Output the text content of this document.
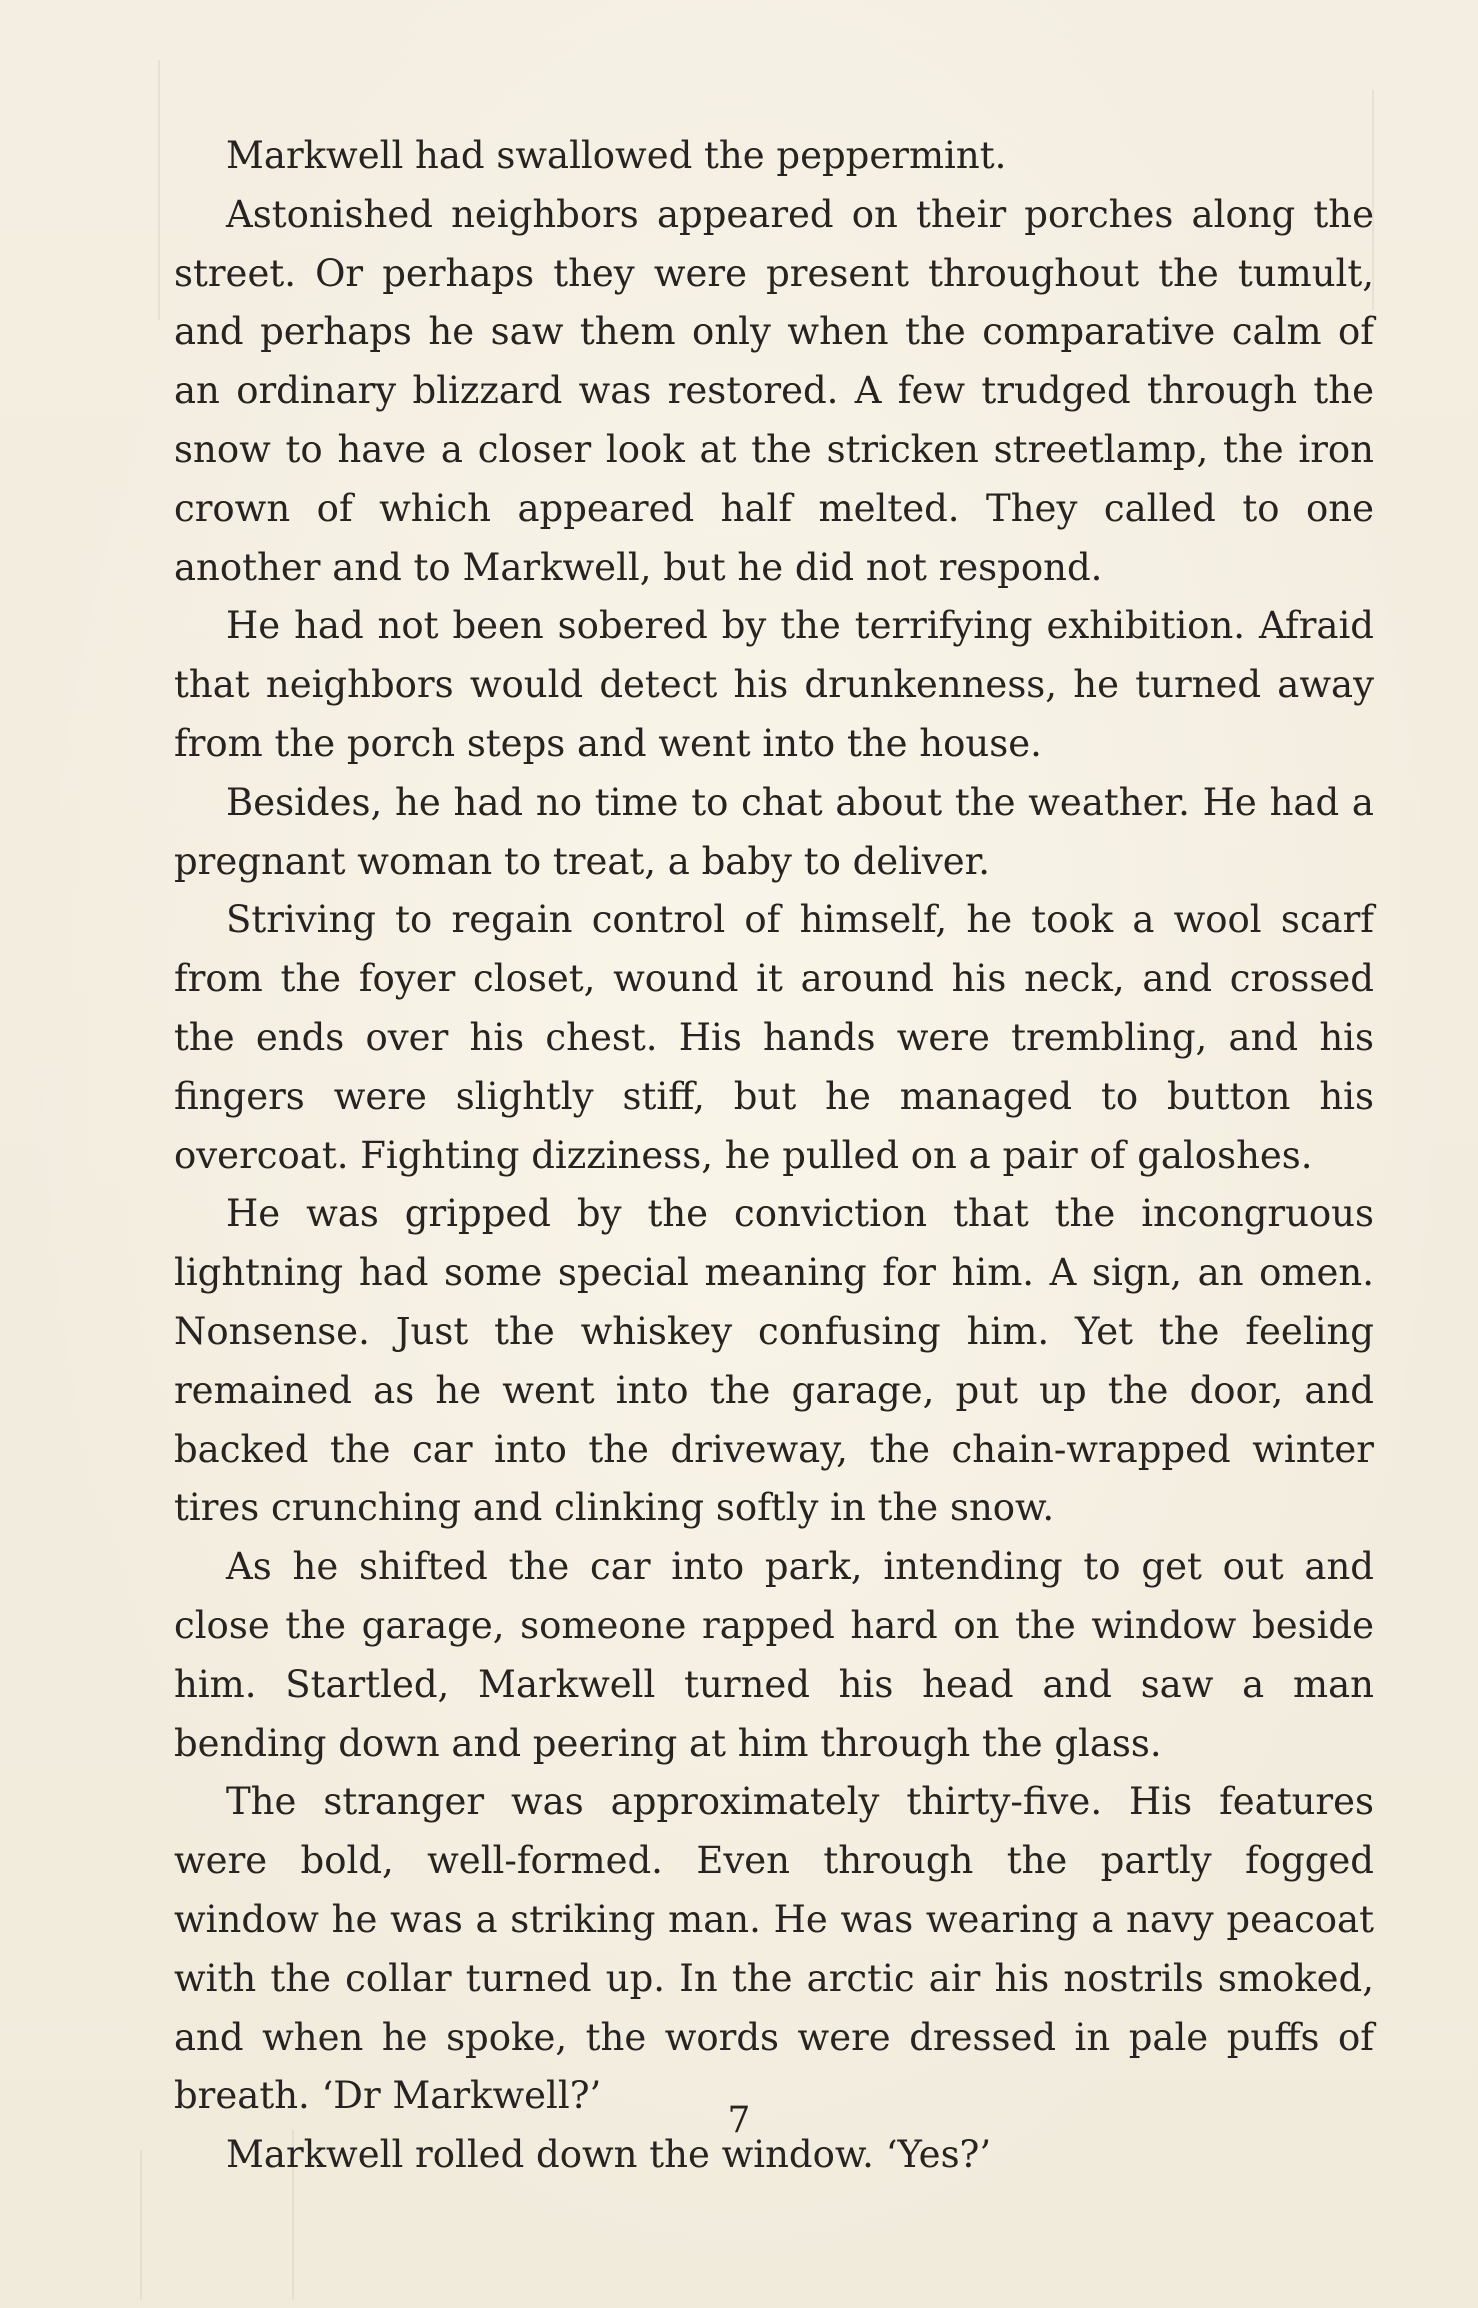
Markwell had swallowed the peppermint.

Astonished neighbors appeared on their porches along the street. Or perhaps they were present throughout the tumult, and perhaps he saw them only when the comparative calm of an ordinary blizzard was restored. A few trudged through the snow to have a closer look at the stricken streetlamp, the iron crown of which appeared half melted. They called to one another and to Markwell, but he did not respond.

He had not been sobered by the terrifying exhibition. Afraid that neighbors would detect his drunkenness, he turned away from the porch steps and went into the house.

Besides, he had no time to chat about the weather. He had a pregnant woman to treat, a baby to deliver.

Striving to regain control of himself, he took a wool scarf from the foyer closet, wound it around his neck, and crossed the ends over his chest. His hands were trembling, and his fingers were slightly stiff, but he managed to button his overcoat. Fighting dizziness, he pulled on a pair of galoshes.

He was gripped by the conviction that the incongruous lightning had some special meaning for him. A sign, an omen. Nonsense. Just the whiskey confusing him. Yet the feeling remained as he went into the garage, put up the door, and backed the car into the driveway, the chain-wrapped winter tires crunching and clinking softly in the snow.

As he shifted the car into park, intending to get out and close the garage, someone rapped hard on the window beside him. Startled, Markwell turned his head and saw a man bending down and peering at him through the glass.

The stranger was approximately thirty-five. His features were bold, well-formed. Even through the partly fogged window he was a striking man. He was wearing a navy peacoat with the collar turned up. In the arctic air his nostrils smoked, and when he spoke, the words were dressed in pale puffs of breath. ‘Dr Markwell?’

Markwell rolled down the window. ‘Yes?’

7
